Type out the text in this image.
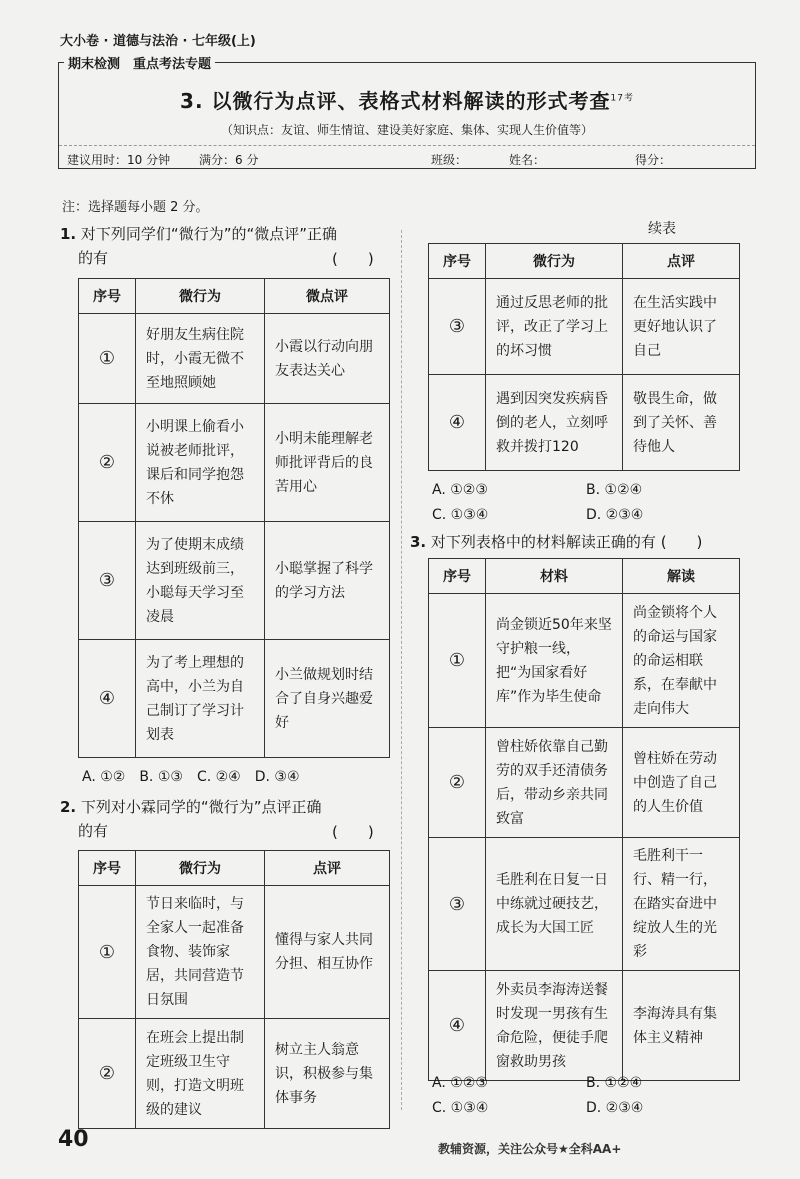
大小卷 · 道德与法治 · 七年级(上)
期末检测　重点考法专题
3. 以微行为点评、表格式材料解读的形式考查$^{17考}$
（知识点：友谊、师生情谊、建设美好家庭、集体、实现人生价值等）
建议用时：10 分钟 满分：6 分	班级：	姓名：	得分：
注：选择题每小题 2 分。
1. 对下列同学们“微行为”的“微点评”正确
的有	(　　)
序号	微行为	微点评
①	好朋友生病住院时，小霞无微不至地照顾她	小霞以行动向朋友表达关心
②	小明课上偷看小说被老师批评，课后和同学抱怨不休	小明未能理解老师批评背后的良苦用心
③	为了使期末成绩达到班级前三，小聪每天学习至凌晨	小聪掌握了科学的学习方法
④	为了考上理想的高中，小兰为自己制订了学习计划表	小兰做规划时结合了自身兴趣爱好
A. ①②　B. ①③　C. ②④　D. ③④
2. 下列对小霖同学的“微行为”点评正确
的有	(　　)
序号	微行为	点评
①	节日来临时，与全家人一起准备食物、装饰家居，共同营造节日氛围	懂得与家人共同分担、相互协作
②	在班会上提出制定班级卫生守则，打造文明班级的建议	树立主人翁意识，积极参与集体事务
续表
序号	微行为	点评
③	通过反思老师的批评，改正了学习上的坏习惯	在生活实践中更好地认识了自己
④	遇到因突发疾病昏倒的老人，立刻呼救并拨打120	敬畏生命，做到了关怀、善待他人
A. ①②③	B. ①②④
C. ①③④	D. ②③④
3. 对下列表格中的材料解读正确的有 (　　)
序号	材料	解读
①	尚金锁近50年来坚守护粮一线，把“为国家看好库”作为毕生使命	尚金锁将个人的命运与国家的命运相联系，在奉献中走向伟大
②	曾柱娇依靠自己勤劳的双手还清债务后，带动乡亲共同致富	曾柱娇在劳动中创造了自己的人生价值
③	毛胜利在日复一日中练就过硬技艺，成长为大国工匠	毛胜利干一行、精一行，在踏实奋进中绽放人生的光彩
④	外卖员李海涛送餐时发现一男孩有生命危险，便徒手爬窗救助男孩	李海涛具有集体主义精神
A. ①②③	B. ①②④
C. ①③④	D. ②③④
40	教辅资源，关注公众号★全科AA+
